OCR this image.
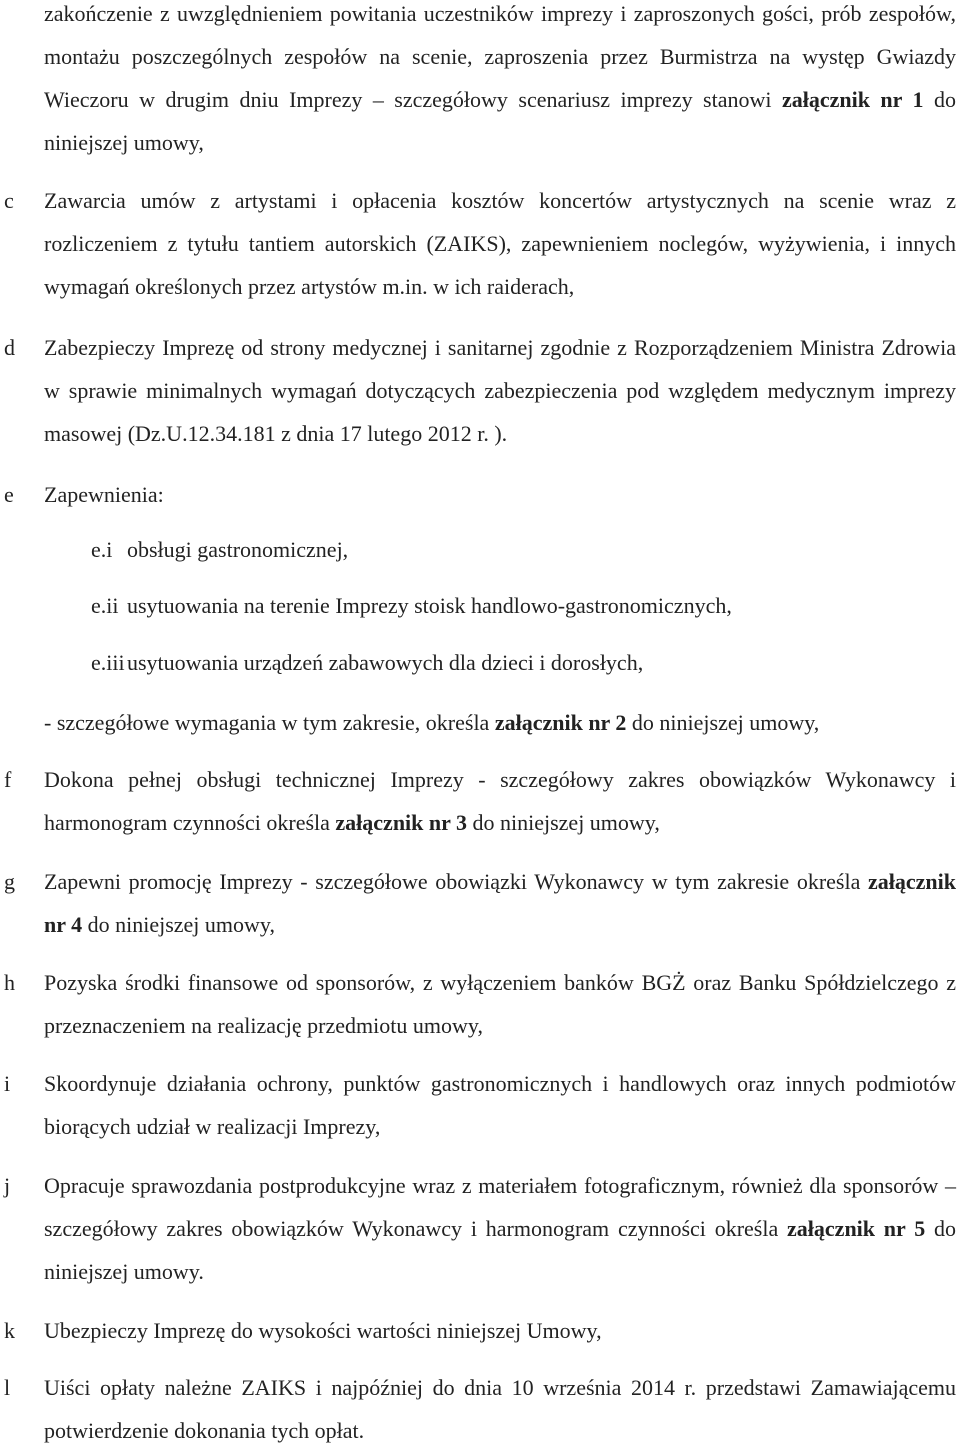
zakończenie z uwzględnieniem powitania uczestników imprezy i zaproszonych gości, prób zespołów, montażu poszczególnych zespołów na scenie, zaproszenia przez Burmistrza na występ Gwiazdy Wieczoru w drugim dniu Imprezy – szczegółowy scenariusz imprezy stanowi załącznik nr 1 do niniejszej umowy,
c Zawarcia umów z artystami i opłacenia kosztów koncertów artystycznych na scenie wraz z rozliczeniem z tytułu tantiem autorskich (ZAIKS), zapewnieniem noclegów, wyżywienia, i innych wymagań określonych przez artystów m.in. w ich raiderach,
d Zabezpieczy Imprezę od strony medycznej i sanitarnej zgodnie z Rozporządzeniem Ministra Zdrowia w sprawie minimalnych wymagań dotyczących zabezpieczenia pod względem medycznym imprezy masowej (Dz.U.12.34.181 z dnia 17 lutego 2012 r. ).
e Zapewnienia:
e.i obsługi gastronomicznej,
e.ii usytuowania na terenie Imprezy stoisk handlowo-gastronomicznych,
e.iii usytuowania urządzeń zabawowych dla dzieci i dorosłych,
- szczegółowe wymagania w tym zakresie, określa załącznik nr 2 do niniejszej umowy,
f Dokona pełnej obsługi technicznej Imprezy - szczegółowy zakres obowiązków Wykonawcy i harmonogram czynności określa załącznik nr 3 do niniejszej umowy,
g Zapewni promocję Imprezy - szczegółowe obowiązki Wykonawcy w tym zakresie określa załącznik nr 4 do niniejszej umowy,
h Pozyska środki finansowe od sponsorów, z wyłączeniem banków BGŻ oraz Banku Spółdzielczego z przeznaczeniem na realizację przedmiotu umowy,
i Skoordynuje działania ochrony, punktów gastronomicznych i handlowych oraz innych podmiotów biorących udział w realizacji Imprezy,
j Opracuje sprawozdania postprodukcyjne wraz z materiałem fotograficznym, również dla sponsorów – szczegółowy zakres obowiązków Wykonawcy i harmonogram czynności określa załącznik nr 5 do niniejszej umowy.
k Ubezpieczy Imprezę do wysokości wartości niniejszej Umowy,
l Uiści opłaty należne ZAIKS i najpóźniej do dnia 10 września 2014 r. przedstawi Zamawiającemu potwierdzenie dokonania tych opłat.
